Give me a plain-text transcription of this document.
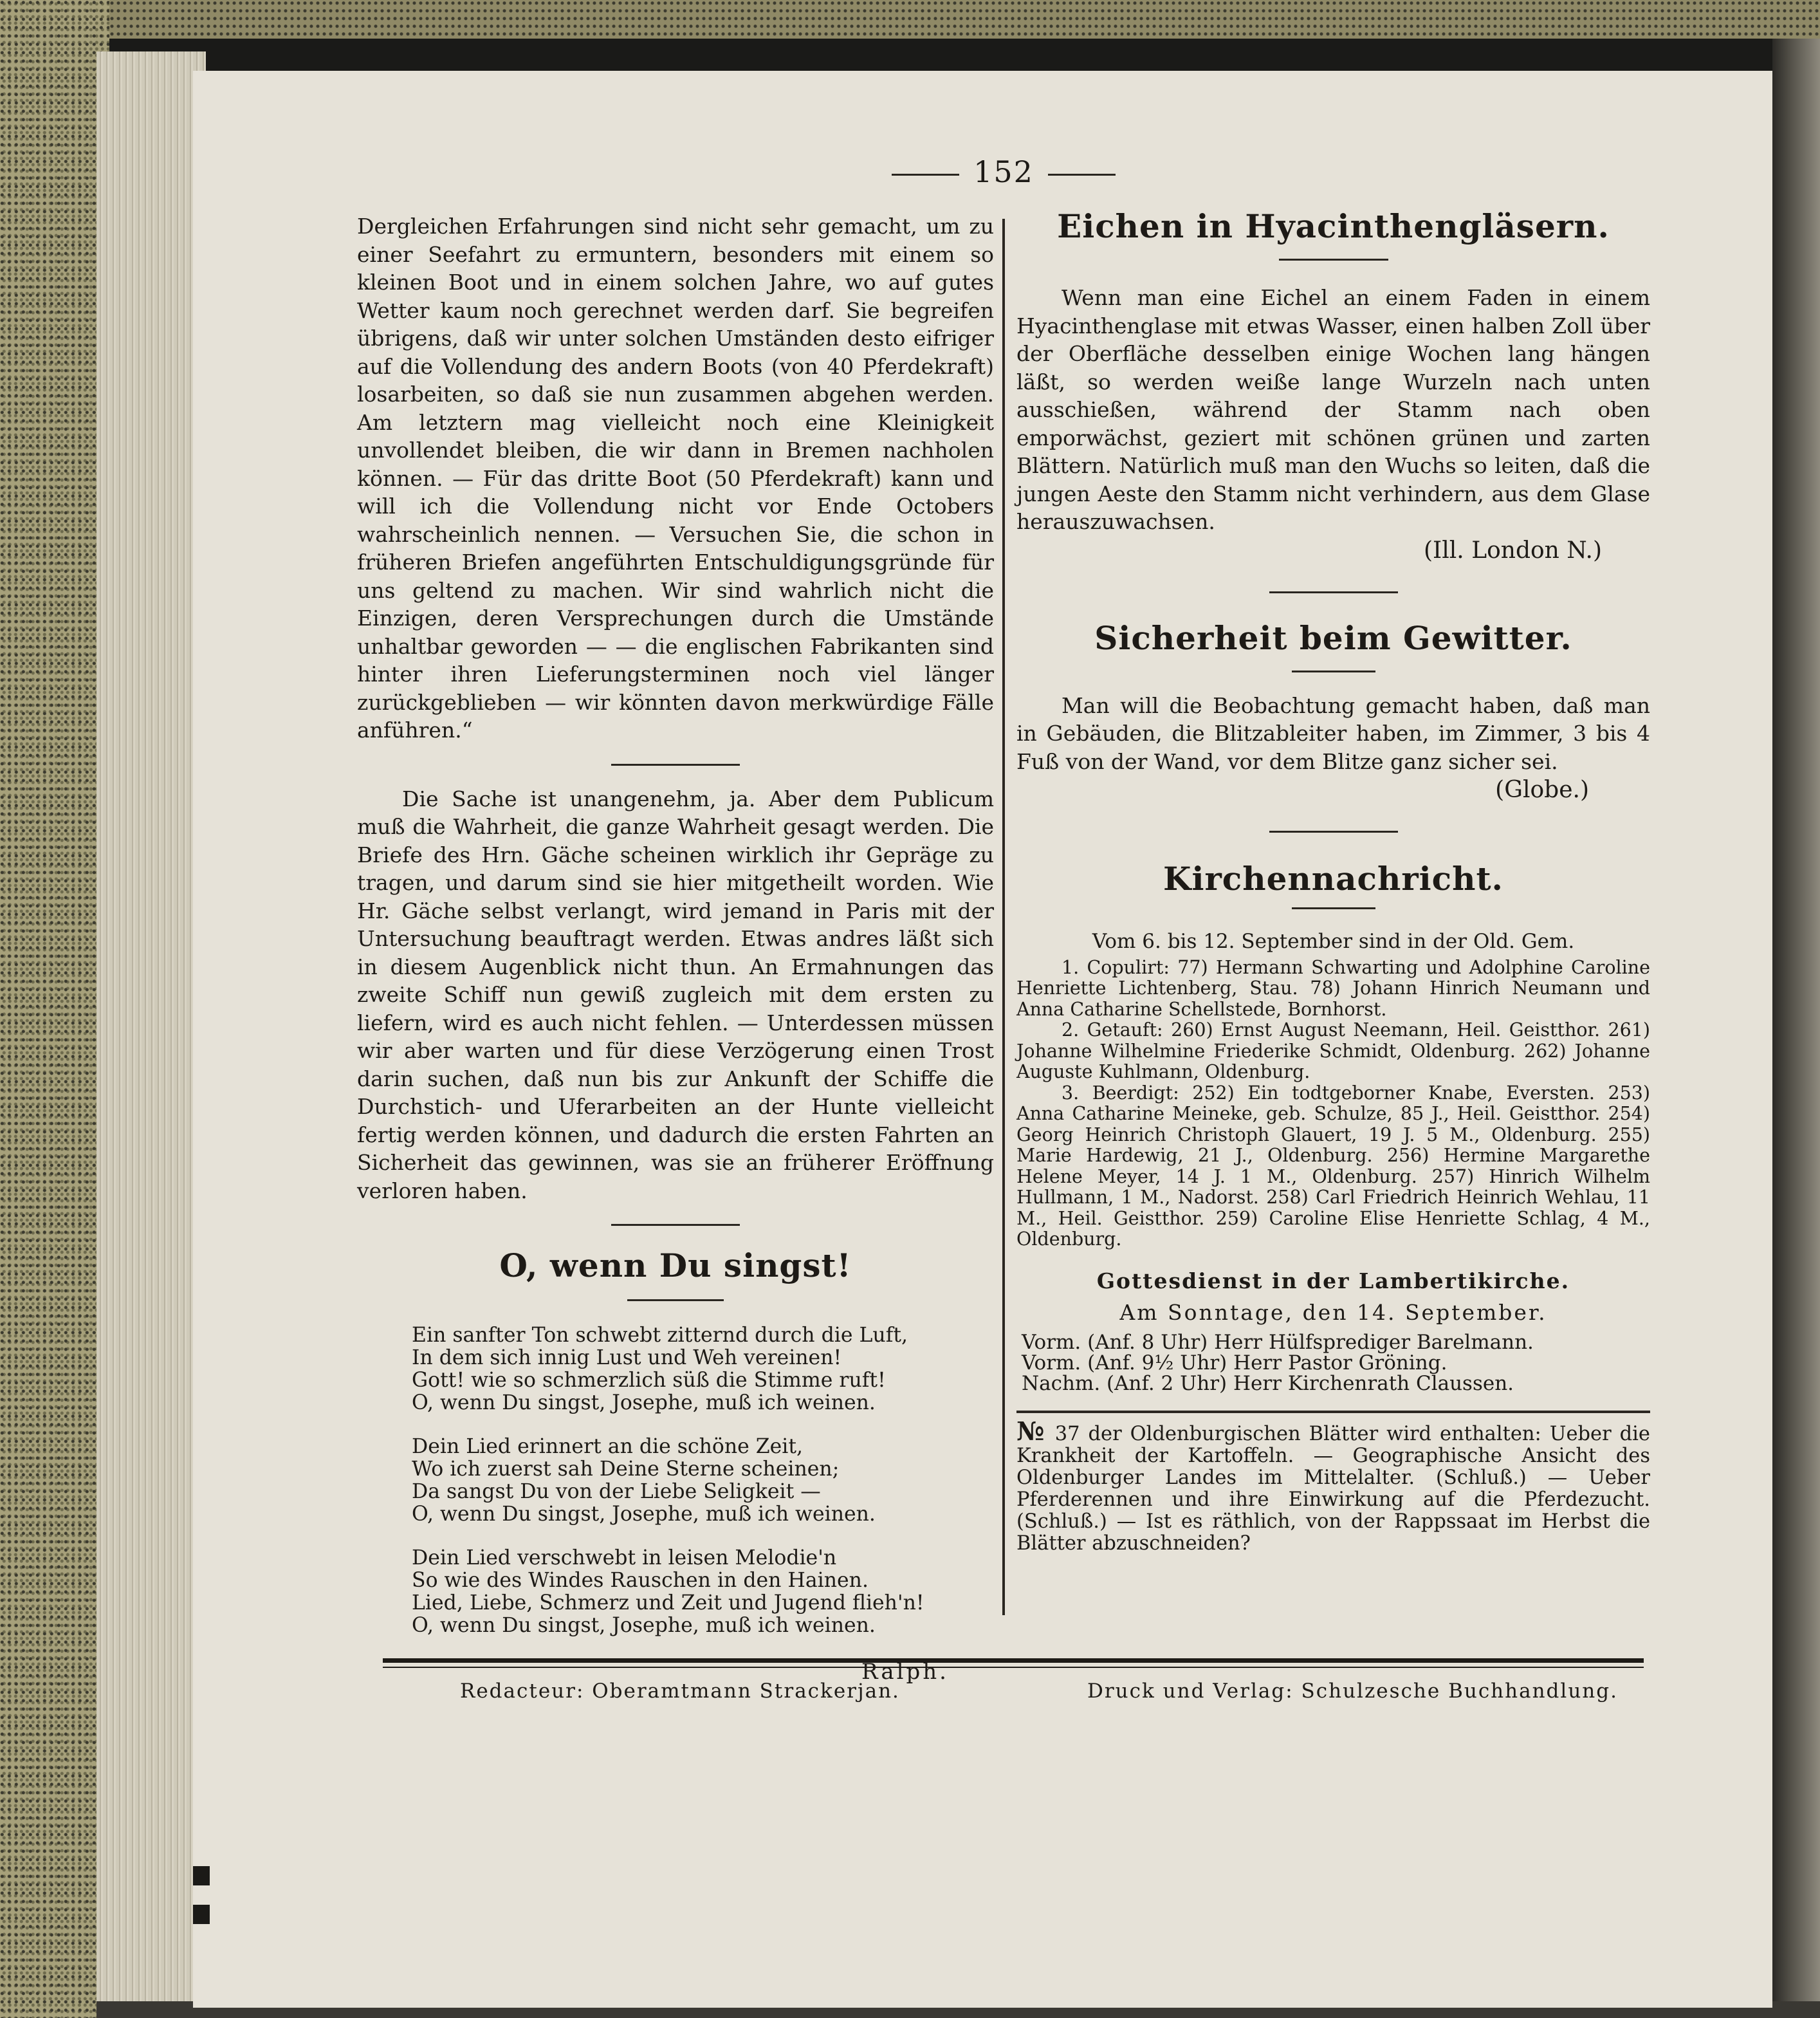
152

Dergleichen Erfahrungen sind nicht sehr gemacht, um zu einer Seefahrt zu ermuntern, besonders mit einem so kleinen Boot und in einem solchen Jahre, wo auf gutes Wetter kaum noch gerechnet werden darf. Sie begreifen übrigens, daß wir unter solchen Umständen desto eifriger auf die Vollendung des andern Boots (von 40 Pferdekraft) losarbeiten, so daß sie nun zusammen abgehen werden. Am letztern mag vielleicht noch eine Kleinigkeit unvollendet bleiben, die wir dann in Bremen nachholen können. — Für das dritte Boot (50 Pferdekraft) kann und will ich die Vollendung nicht vor Ende Octobers wahrscheinlich nennen. — Versuchen Sie, die schon in früheren Briefen angeführten Entschuldigungsgründe für uns geltend zu machen. Wir sind wahrlich nicht die Einzigen, deren Versprechungen durch die Umstände unhaltbar geworden — — die englischen Fabrikanten sind hinter ihren Lieferungsterminen noch viel länger zurückgeblieben — wir könnten davon merkwürdige Fälle anführen.“

Die Sache ist unangenehm, ja. Aber dem Publicum muß die Wahrheit, die ganze Wahrheit gesagt werden. Die Briefe des Hrn. Gäche scheinen wirklich ihr Gepräge zu tragen, und darum sind sie hier mitgetheilt worden. Wie Hr. Gäche selbst verlangt, wird jemand in Paris mit der Untersuchung beauftragt werden. Etwas andres läßt sich in diesem Augenblick nicht thun. An Ermahnungen das zweite Schiff nun gewiß zugleich mit dem ersten zu liefern, wird es auch nicht fehlen. — Unterdessen müssen wir aber warten und für diese Verzögerung einen Trost darin suchen, daß nun bis zur Ankunft der Schiffe die Durchstich- und Uferarbeiten an der Hunte vielleicht fertig werden können, und dadurch die ersten Fahrten an Sicherheit das gewinnen, was sie an früherer Eröffnung verloren haben.

O, wenn Du singst!
Ein sanfter Ton schwebt zitternd durch die Luft,
In dem sich innig Lust und Weh vereinen!
Gott! wie so schmerzlich süß die Stimme ruft!
O, wenn Du singst, Josephe, muß ich weinen.
Dein Lied erinnert an die schöne Zeit,
Wo ich zuerst sah Deine Sterne scheinen;
Da sangst Du von der Liebe Seligkeit —
O, wenn Du singst, Josephe, muß ich weinen.
Dein Lied verschwebt in leisen Melodie'n
So wie des Windes Rauschen in den Hainen.
Lied, Liebe, Schmerz und Zeit und Jugend flieh'n!
O, wenn Du singst, Josephe, muß ich weinen.
Ralph.
Eichen in Hyacinthengläsern.

Wenn man eine Eichel an einem Faden in einem Hyacinthenglase mit etwas Wasser, einen halben Zoll über der Oberfläche desselben einige Wochen lang hängen läßt, so werden weiße lange Wurzeln nach unten ausschießen, während der Stamm nach oben emporwächst, geziert mit schönen grünen und zarten Blättern. Natürlich muß man den Wuchs so leiten, daß die jungen Aeste den Stamm nicht verhindern, aus dem Glase herauszuwachsen.

(Ill. London N.)
Sicherheit beim Gewitter.

Man will die Beobachtung gemacht haben, daß man in Gebäuden, die Blitzableiter haben, im Zimmer, 3 bis 4 Fuß von der Wand, vor dem Blitze ganz sicher sei.

(Globe.)
Kirchennachricht.
Vom 6. bis 12. September sind in der Old. Gem.

1. Copulirt: 77) Hermann Schwarting und Adolphine Caroline Henriette Lichtenberg, Stau. 78) Johann Hinrich Neumann und Anna Catharine Schellstede, Bornhorst.

2. Getauft: 260) Ernst August Neemann, Heil. Geistthor. 261) Johanne Wilhelmine Friederike Schmidt, Oldenburg. 262) Johanne Auguste Kuhlmann, Oldenburg.

3. Beerdigt: 252) Ein todtgeborner Knabe, Eversten. 253) Anna Catharine Meineke, geb. Schulze, 85 J., Heil. Geistthor. 254) Georg Heinrich Christoph Glauert, 19 J. 5 M., Oldenburg. 255) Marie Hardewig, 21 J., Oldenburg. 256) Hermine Margarethe Helene Meyer, 14 J. 1 M., Oldenburg. 257) Hinrich Wilhelm Hullmann, 1 M., Nadorst. 258) Carl Friedrich Heinrich Wehlau, 11 M., Heil. Geistthor. 259) Caroline Elise Henriette Schlag, 4 M., Oldenburg.

Gottesdienst in der Lambertikirche.
Am Sonntage, den 14. September.
Vorm. (Anf. 8 Uhr) Herr Hülfsprediger Barelmann.
Vorm. (Anf. 9½ Uhr) Herr Pastor Gröning.
Nachm. (Anf. 2 Uhr) Herr Kirchenrath Claussen.
№ 37 der Oldenburgischen Blätter wird enthalten: Ueber die Krankheit der Kartoffeln. — Geographische Ansicht des Oldenburger Landes im Mittelalter. (Schluß.) — Ueber Pferderennen und ihre Einwirkung auf die Pferdezucht. (Schluß.) — Ist es räthlich, von der Rappssaat im Herbst die Blätter abzuschneiden?
Redacteur: Oberamtmann Strackerjan.	Druck und Verlag: Schulzesche Buchhandlung.
